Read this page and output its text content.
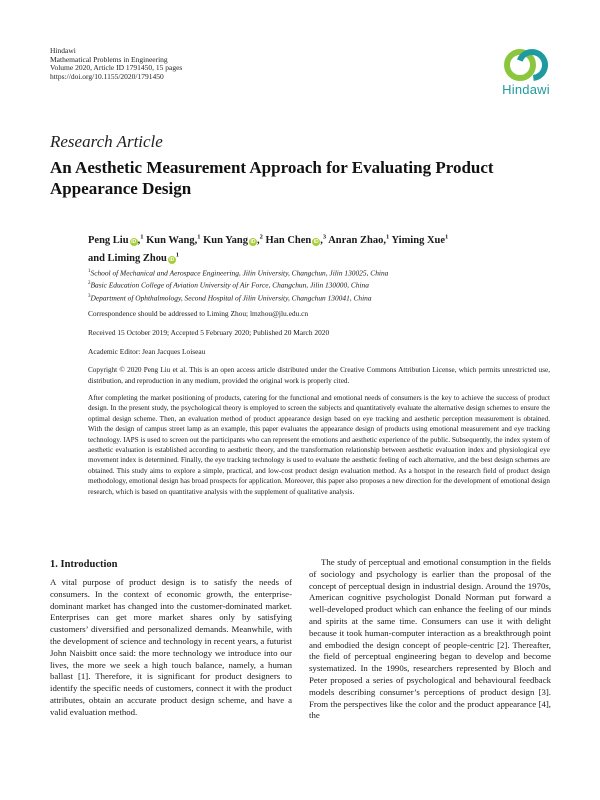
Hindawi
Mathematical Problems in Engineering
Volume 2020, Article ID 1791450, 15 pages
https://doi.org/10.1155/2020/1791450
Hindawi
Research Article
An Aesthetic Measurement Approach for Evaluating Product Appearance Design
Peng Liu iD ,$^1$ Kun Wang,$^1$ Kun Yang iD ,$^2$ Han Chen iD ,$^3$ Anran Zhao,$^1$ Yiming Xue$^1$
and Liming Zhou $iD^1$
$^1$School of Mechanical and Aerospace Engineering, Jilin University, Changchun, Jilin 130025, China
$^2$Basic Education College of Aviation University of Air Force, Changchun, Jilin 130000, China
$^3$Department of Ophthalmology, Second Hospital of Jilin University, Changchun 130041, China
Correspondence should be addressed to Liming Zhou; lmzhou@jlu.edu.cn
Received 15 October 2019; Accepted 5 February 2020; Published 20 March 2020
Academic Editor: Jean Jacques Loiseau
Copyright © 2020 Peng Liu et al. This is an open access article distributed under the Creative Commons Attribution License, which permits unrestricted use, distribution, and reproduction in any medium, provided the original work is properly cited.
After completing the market positioning of products, catering for the functional and emotional needs of consumers is the key to achieve the success of product design. In the present study, the psychological theory is employed to screen the subjects and quantitatively evaluate the alternative design schemes to ensure the optimal design scheme. Then, an evaluation method of product appearance design based on eye tracking and aesthetic perception measurement is obtained. With the design of campus street lamp as an example, this paper evaluates the appearance design of products using emotional measurement and eye tracking technology. IAPS is used to screen out the participants who can represent the emotions and aesthetic experience of the public. Subsequently, the index system of aesthetic evaluation is established according to aesthetic theory, and the transformation relationship between aesthetic evaluation index and physiological eye movement index is determined. Finally, the eye tracking technology is used to evaluate the aesthetic feeling of each alternative, and the best design schemes are obtained. This study aims to explore a simple, practical, and low-cost product design evaluation method. As a hotspot in the research field of product design methodology, emotional design has broad prospects for application. Moreover, this paper also proposes a new direction for the development of emotional design research, which is based on quantitative analysis with the supplement of qualitative analysis.
1. Introduction
A vital purpose of product design is to satisfy the needs of consumers. In the context of economic growth, the enterprise-dominant market has changed into the customer-dominated market. Enterprises can get more market shares only by satisfying customers’ diversified and personalized demands. Meanwhile, with the development of science and technology in recent years, a futurist John Naisbitt once said: the more technology we introduce into our lives, the more we seek a high touch balance, namely, a human ballast [1]. Therefore, it is significant for product designers to identify the specific needs of customers, connect it with the product attributes, obtain an accurate product design scheme, and have a valid evaluation method.
The study of perceptual and emotional consumption in the fields of sociology and psychology is earlier than the proposal of the concept of perceptual design in industrial design. Around the 1970s, American cognitive psychologist Donald Norman put forward a well-developed product which can enhance the feeling of our minds and spirits at the same time. Consumers can use it with delight because it took human-computer interaction as a breakthrough point and embodied the design concept of people-centric [2]. Thereafter, the field of perceptual engineering began to develop and become systematized. In the 1990s, researchers represented by Bloch and Peter proposed a series of psychological and behavioural feedback models describing consumer’s perceptions of product design [3]. From the perspectives like the color and the product appearance [4], the
